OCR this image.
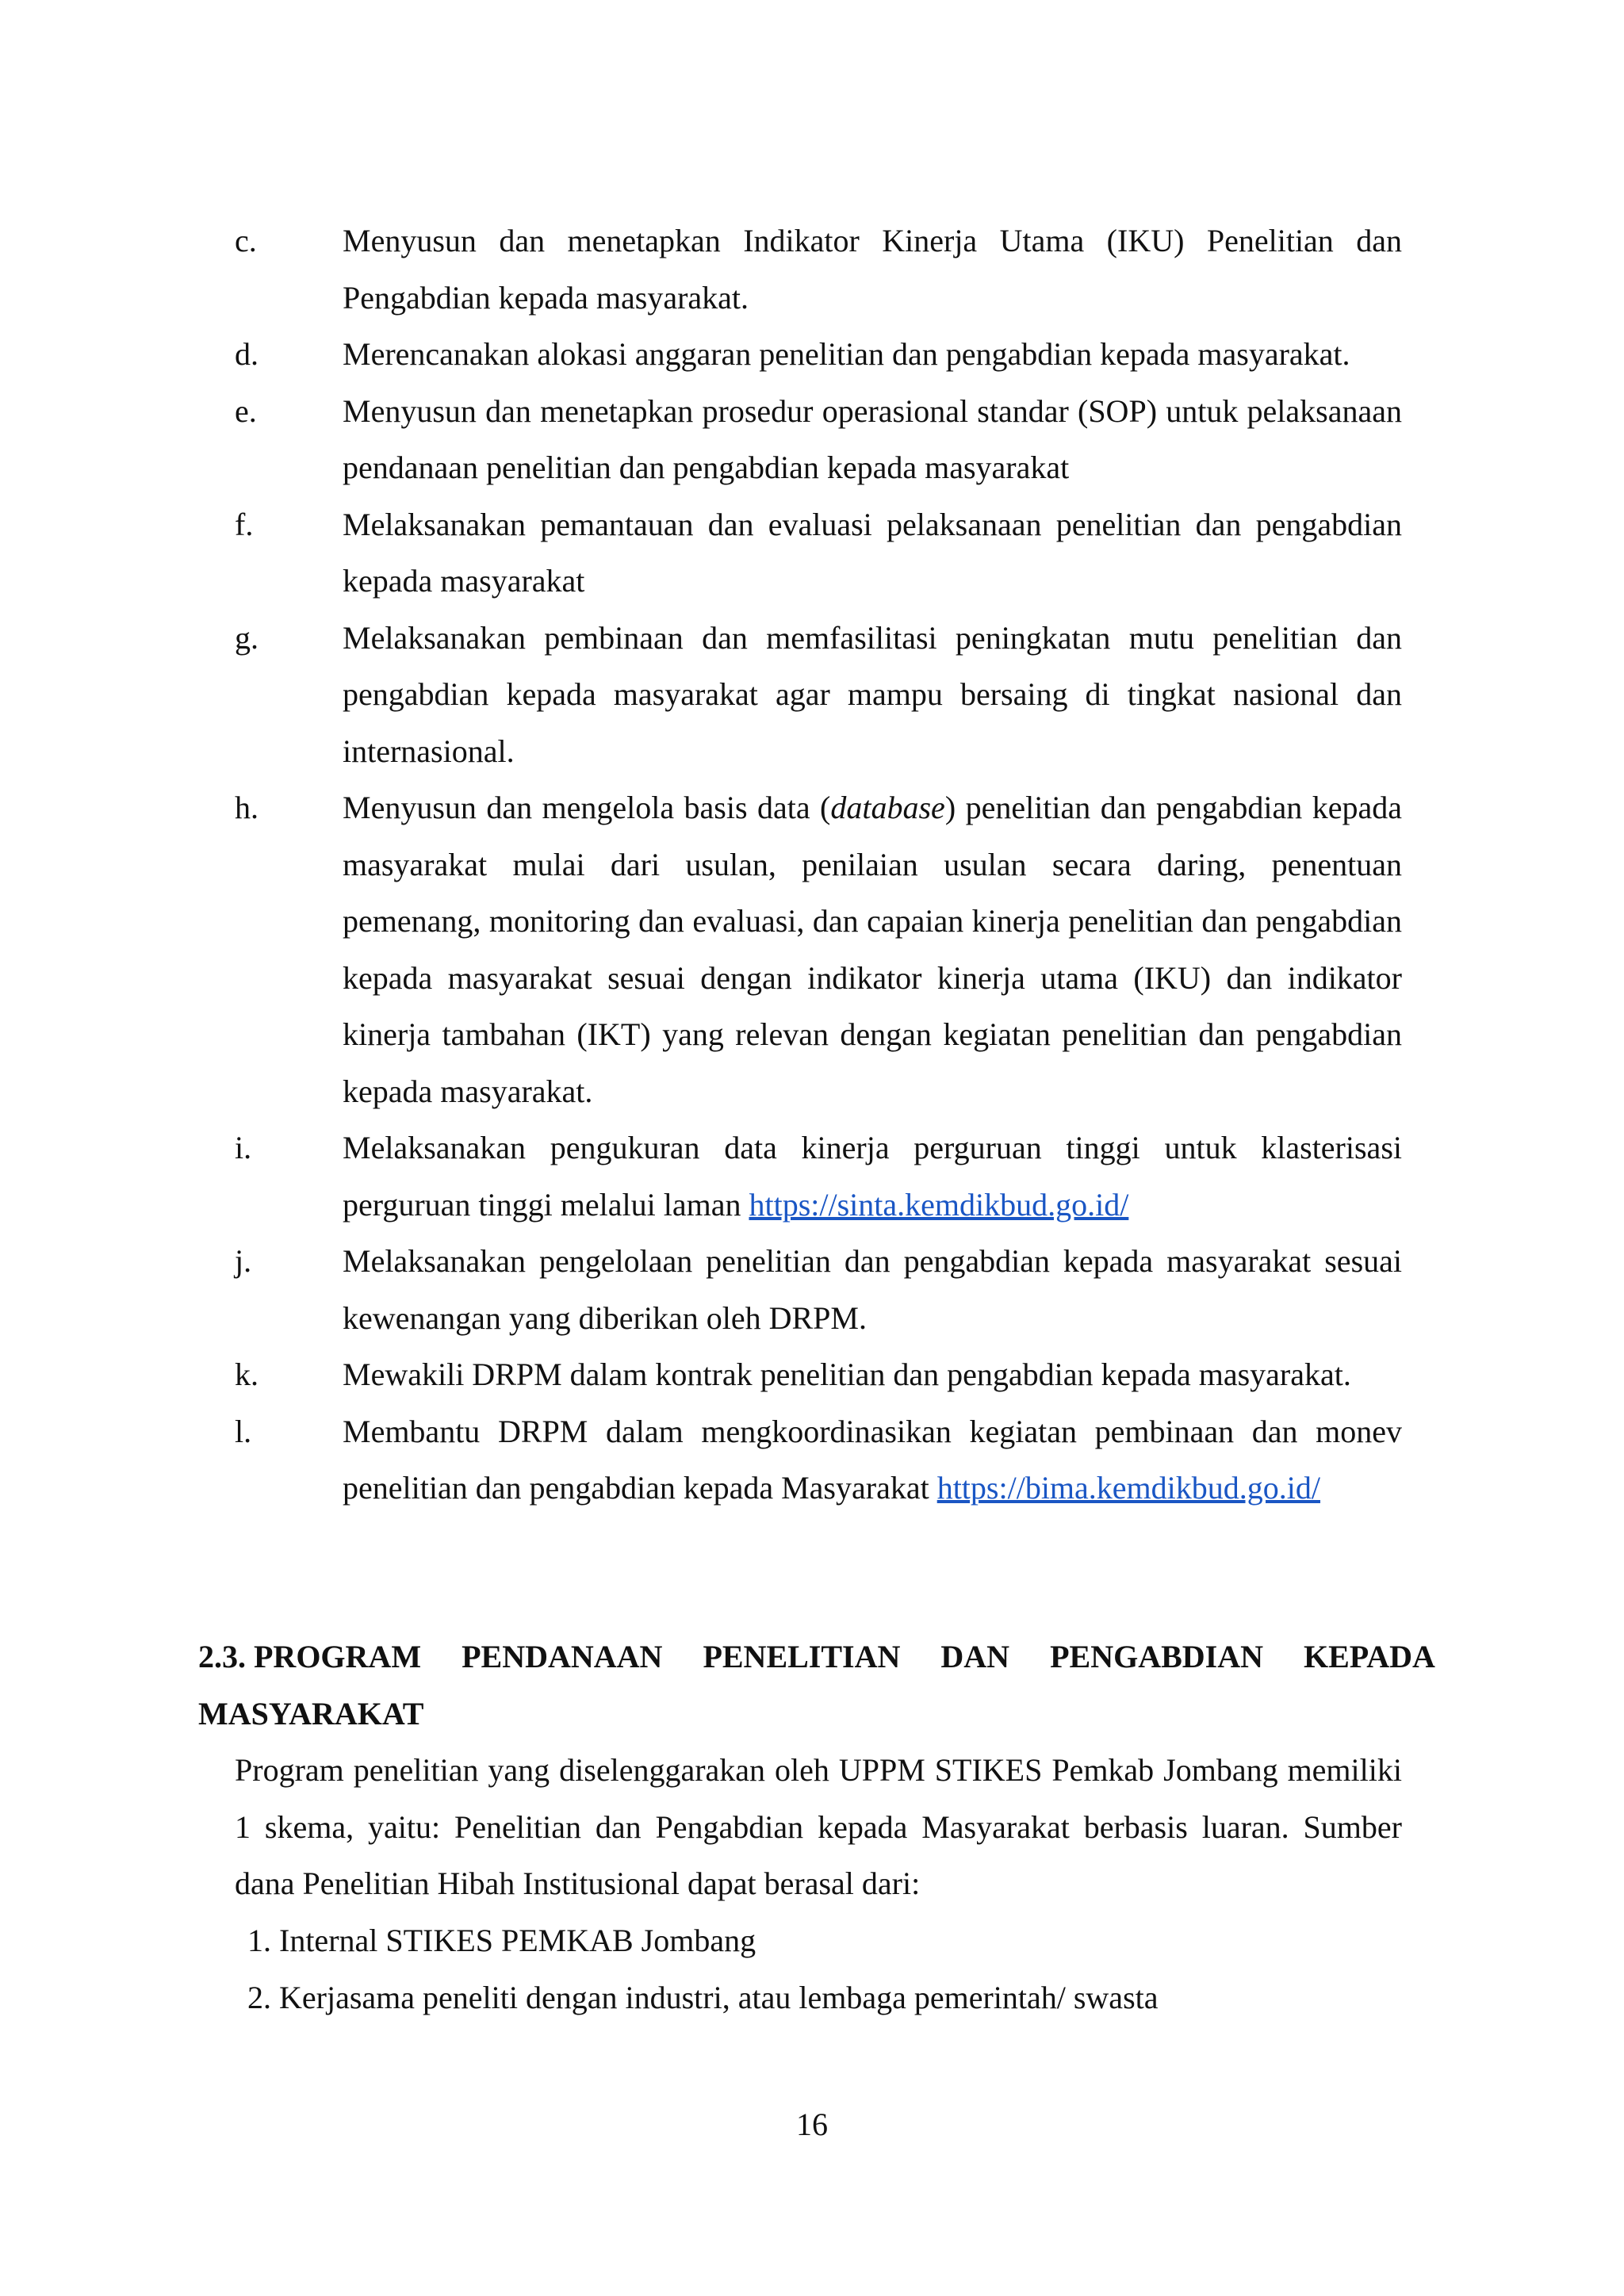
c.	Menyusun dan menetapkan Indikator Kinerja Utama (IKU) Penelitian dan Pengabdian kepada masyarakat.
d.	Merencanakan alokasi anggaran penelitian dan pengabdian kepada masyarakat.
e.	Menyusun dan menetapkan prosedur operasional standar (SOP) untuk pelaksanaan pendanaan penelitian dan pengabdian kepada masyarakat
f.	Melaksanakan pemantauan dan evaluasi pelaksanaan penelitian dan pengabdian kepada masyarakat
g.	Melaksanakan pembinaan dan memfasilitasi peningkatan mutu penelitian dan pengabdian kepada masyarakat agar mampu bersaing di tingkat nasional dan internasional.
h.	Menyusun dan mengelola basis data (database) penelitian dan pengabdian kepada masyarakat mulai dari usulan, penilaian usulan secara daring, penentuan pemenang, monitoring dan evaluasi, dan capaian kinerja penelitian dan pengabdian kepada masyarakat sesuai dengan indikator kinerja utama (IKU) dan indikator kinerja tambahan (IKT) yang relevan dengan kegiatan penelitian dan pengabdian kepada masyarakat.
i.	Melaksanakan pengukuran data kinerja perguruan tinggi untuk klasterisasi perguruan tinggi melalui laman https://sinta.kemdikbud.go.id/
j.	Melaksanakan pengelolaan penelitian dan pengabdian kepada masyarakat sesuai kewenangan yang diberikan oleh DRPM.
k.	Mewakili DRPM dalam kontrak penelitian dan pengabdian kepada masyarakat.
l.	Membantu DRPM dalam mengkoordinasikan kegiatan pembinaan dan monev penelitian dan pengabdian kepada Masyarakat https://bima.kemdikbud.go.id/
2.3. PROGRAM PENDANAAN PENELITIAN DAN PENGABDIAN KEPADA
MASYARAKAT
Program penelitian yang diselenggarakan oleh UPPM STIKES Pemkab Jombang memiliki 1 skema, yaitu: Penelitian dan Pengabdian kepada Masyarakat berbasis luaran. Sumber dana Penelitian Hibah Institusional dapat berasal dari:
1. Internal STIKES PEMKAB Jombang
2. Kerjasama peneliti dengan industri, atau lembaga pemerintah/ swasta
16
